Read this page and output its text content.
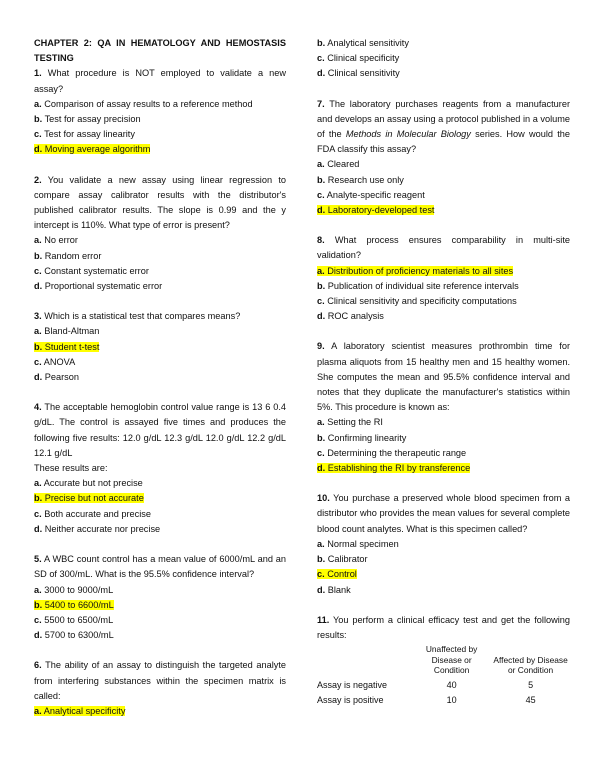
CHAPTER 2: QA IN HEMATOLOGY AND HEMOSTASIS TESTING
1. What procedure is NOT employed to validate a new assay?
a. Comparison of assay results to a reference method
b. Test for assay precision
c. Test for assay linearity
d. Moving average algorithm
2. You validate a new assay using linear regression to compare assay calibrator results with the distributor's published calibrator results. The slope is 0.99 and the y intercept is 110%. What type of error is present?
a. No error
b. Random error
c. Constant systematic error
d. Proportional systematic error
3. Which is a statistical test that compares means?
a. Bland-Altman
b. Student t-test
c. ANOVA
d. Pearson
4. The acceptable hemoglobin control value range is 13 6 0.4 g/dL. The control is assayed five times and produces the following five results: 12.0 g/dL 12.3 g/dL 12.0 g/dL 12.2 g/dL 12.1 g/dL
These results are:
a. Accurate but not precise
b. Precise but not accurate
c. Both accurate and precise
d. Neither accurate nor precise
5. A WBC count control has a mean value of 6000/mL and an SD of 300/mL. What is the 95.5% confidence interval?
a. 3000 to 9000/mL
b. 5400 to 6600/mL
c. 5500 to 6500/mL
d. 5700 to 6300/mL
6. The ability of an assay to distinguish the targeted analyte from interfering substances within the specimen matrix is called:
a. Analytical specificity
b. Analytical sensitivity
c. Clinical specificity
d. Clinical sensitivity
7. The laboratory purchases reagents from a manufacturer and develops an assay using a protocol published in a volume of the Methods in Molecular Biology series. How would the FDA classify this assay?
a. Cleared
b. Research use only
c. Analyte-specific reagent
d. Laboratory-developed test
8. What process ensures comparability in multi-site validation?
a. Distribution of proficiency materials to all sites
b. Publication of individual site reference intervals
c. Clinical sensitivity and specificity computations
d. ROC analysis
9. A laboratory scientist measures prothrombin time for plasma aliquots from 15 healthy men and 15 healthy women. She computes the mean and 95.5% confidence interval and notes that they duplicate the manufacturer's statistics within 5%. This procedure is known as:
a. Setting the RI
b. Confirming linearity
c. Determining the therapeutic range
d. Establishing the RI by transference
10. You purchase a preserved whole blood specimen from a distributor who provides the mean values for several complete blood count analytes. What is this specimen called?
a. Normal specimen
b. Calibrator
c. Control
d. Blank
11. You perform a clinical efficacy test and get the following results:
	Unaffected by Disease or Condition	Affected by Disease or Condition
Assay is negative	40	5
Assay is positive	10	45
